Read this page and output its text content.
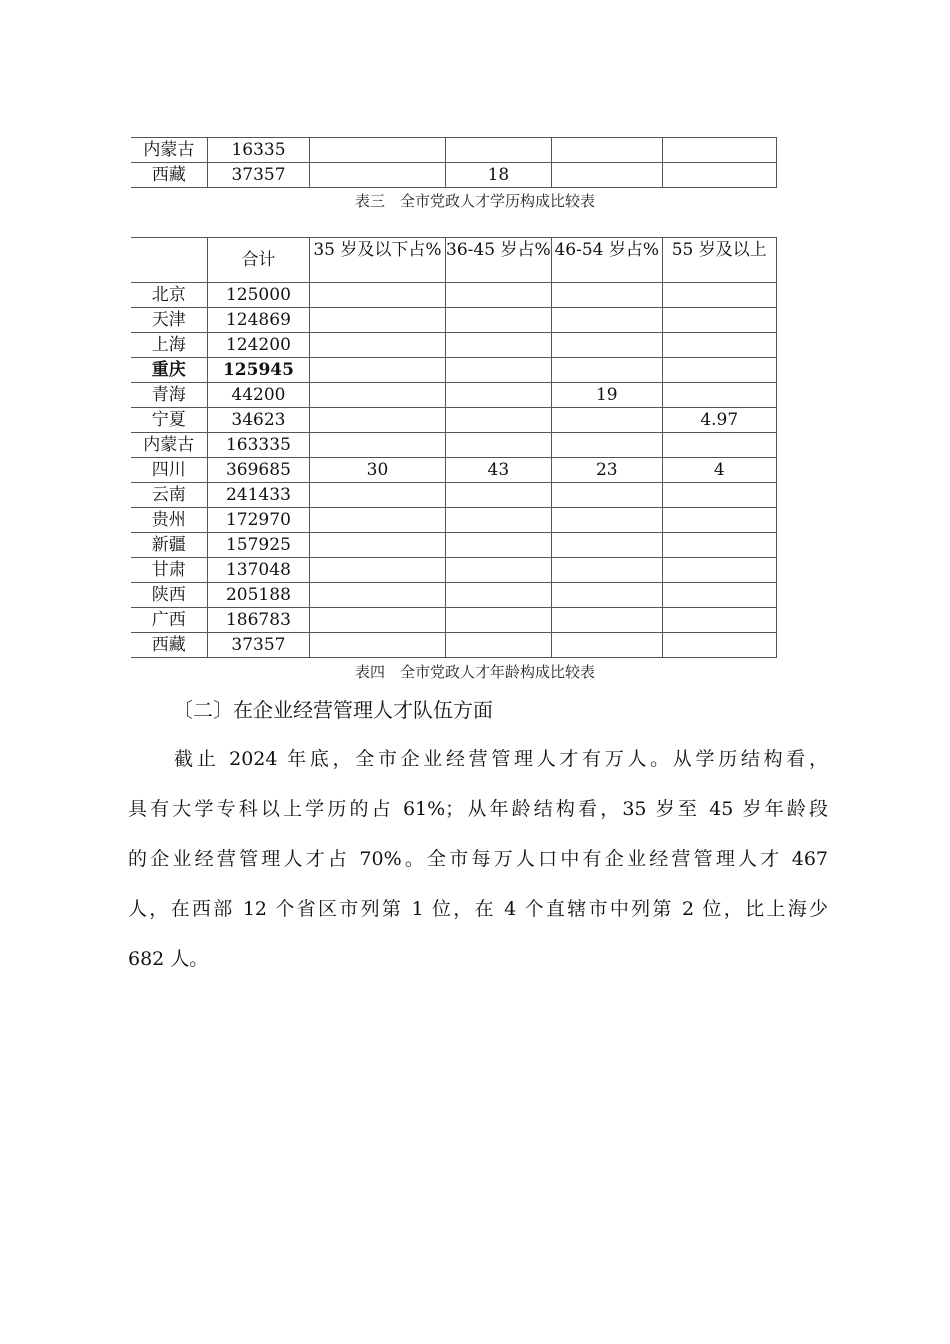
内蒙古	16335				
西藏	37357		18		
表三　全市党政人才学历构成比较表
	合计	35 岁及以下占%	36-45 岁占%	46-54 岁占%	55 岁及以上
北京	125000				
天津	124869				
上海	124200				
重庆	125945				
青海	44200			19	
宁夏	34623				4.97
内蒙古	163335				
四川	369685	30	43	23	4
云南	241433				
贵州	172970				
新疆	157925				
甘肃	137048				
陕西	205188				
广西	186783				
西藏	37357				
表四　全市党政人才年龄构成比较表
〔二〕在企业经营管理人才队伍方面
截止 2024 年底，全市企业经营管理人才有万人。从学历结构看，
具有大学专科以上学历的占 61%；从年龄结构看，35 岁至 45 岁年龄段
的企业经营管理人才占 70%。全市每万人口中有企业经营管理人才 467
人，在西部 12 个省区市列第 1 位，在 4 个直辖市中列第 2 位，比上海少
682 人。
